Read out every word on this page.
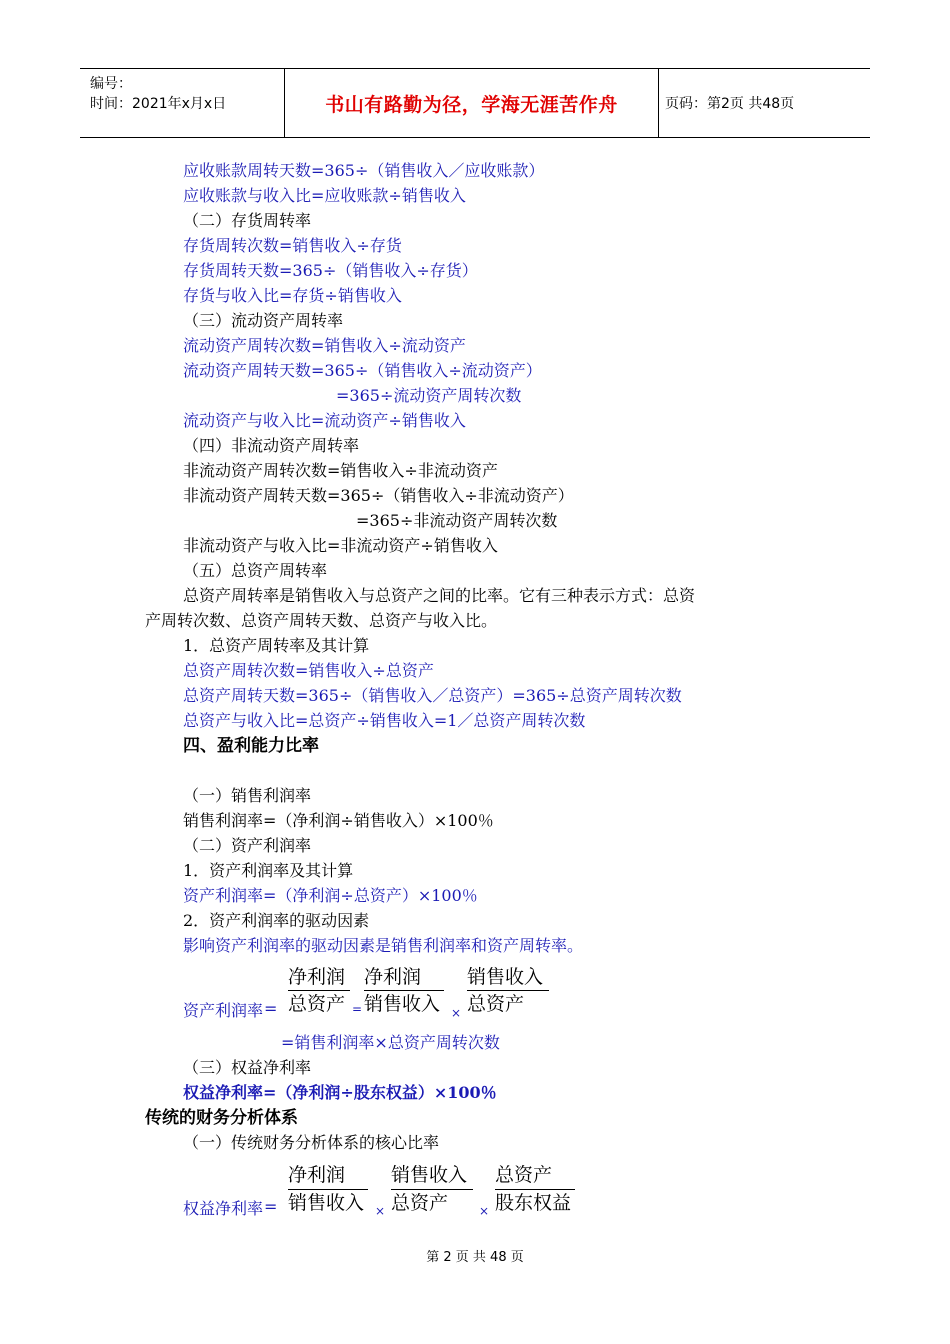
编号：
时间：2021年x月x日	书山有路勤为径，学海无涯苦作舟	页码：第2页 共48页
应收账款周转天数=365÷（销售收入／应收账款）
应收账款与收入比=应收账款÷销售收入
（二）存货周转率
存货周转次数=销售收入÷存货
存货周转天数=365÷（销售收入÷存货）
存货与收入比=存货÷销售收入
（三）流动资产周转率
流动资产周转次数=销售收入÷流动资产
流动资产周转天数=365÷（销售收入÷流动资产）
=365÷流动资产周转次数
流动资产与收入比=流动资产÷销售收入
（四）非流动资产周转率
非流动资产周转次数=销售收入÷非流动资产
非流动资产周转天数=365÷（销售收入÷非流动资产）
=365÷非流动资产周转次数
非流动资产与收入比=非流动资产÷销售收入
（五）总资产周转率
总资产周转率是销售收入与总资产之间的比率。它有三种表示方式：总资
产周转次数、总资产周转天数、总资产与收入比。
1．总资产周转率及其计算
总资产周转次数=销售收入÷总资产
总资产周转天数=365÷（销售收入／总资产）=365÷总资产周转次数
总资产与收入比=总资产÷销售收入=1／总资产周转次数
四、盈利能力比率
（一）销售利润率
销售利润率=（净利润÷销售收入）×100％
（二）资产利润率
1．资产利润率及其计算
资产利润率=（净利润÷总资产）×100％
2．资产利润率的驱动因素
影响资产利润率的驱动因素是销售利润率和资产周转率。
资产利润率 =
净利润
总资产 =
净利润
销售收入 ×
销售收入
总资产
=销售利润率×总资产周转次数
（三）权益净利率
权益净利率=（净利润÷股东权益）×100％
传统的财务分析体系
（一）传统财务分析体系的核心比率
权益净利率 =
净利润
销售收入 ×
销售收入
总资产	×
总资产
股东权益
第 2 页 共 48 页
